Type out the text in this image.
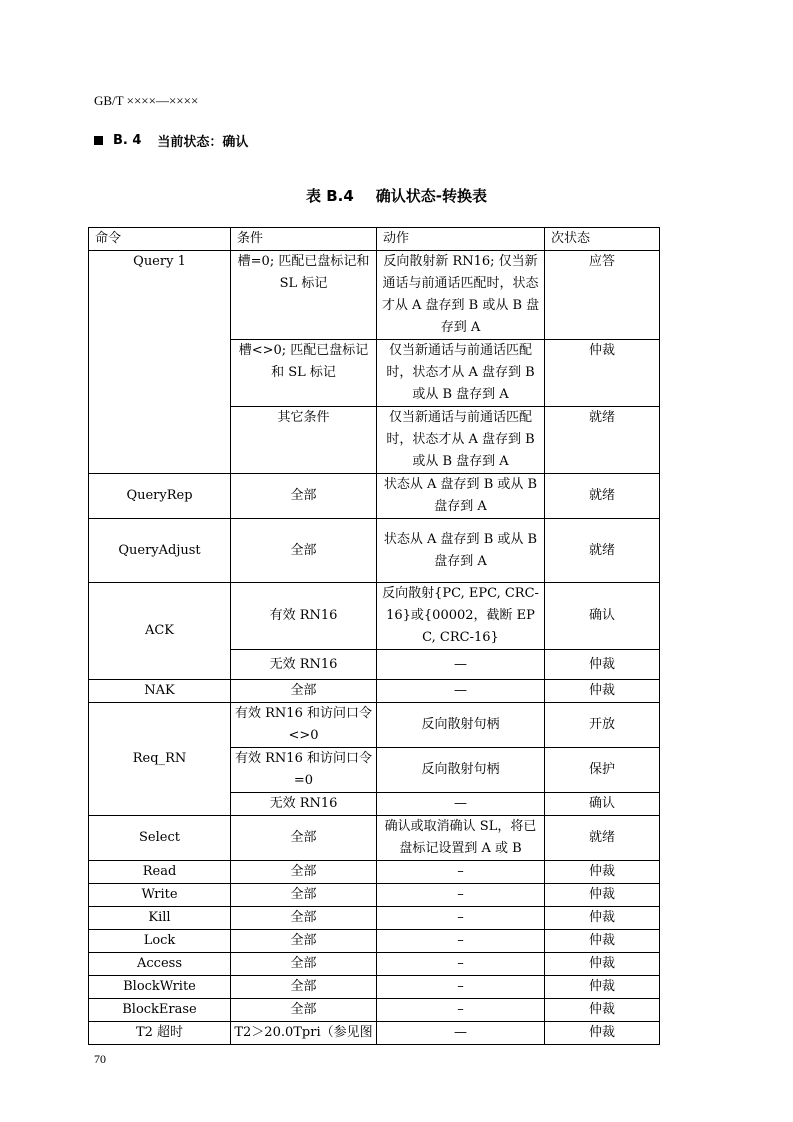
GB/T ××××—××××
B. 4 当前状态：确认
表 B.4 确认状态-转换表
命令	条件	动作	次状态
Query 1	槽=0; 匹配已盘标记和 SL 标记	反向散射新 RN16; 仅当新通话与前通话匹配时，状态才从 A 盘存到 B 或从 B 盘存到 A	应答
	槽<>0; 匹配已盘标记和 SL 标记	仅当新通话与前通话匹配时，状态才从 A 盘存到 B 或从 B 盘存到 A	仲裁
	其它条件	仅当新通话与前通话匹配时，状态才从 A 盘存到 B 或从 B 盘存到 A	就绪
QueryRep	全部	状态从 A 盘存到 B 或从 B 盘存到 A	就绪
QueryAdjust	全部	状态从 A 盘存到 B 或从 B 盘存到 A	就绪
ACK	有效 RN16	反向散射{PC, EPC, CRC-16}或{00002，截断 EPC, CRC-16}	确认
	无效 RN16	—	仲裁
NAK	全部	—	仲裁
Req_RN	有效 RN16 和访问口令<>0	反向散射句柄	开放
	有效 RN16 和访问口令=0	反向散射句柄	保护
	无效 RN16	—	确认
Select	全部	确认或取消确认 SL，将已盘标记设置到 A 或 B	就绪
Read	全部	–	仲裁
Write	全部	–	仲裁
Kill	全部	–	仲裁
Lock	全部	–	仲裁
Access	全部	–	仲裁
BlockWrite	全部	–	仲裁
BlockErase	全部	–	仲裁
T2 超时	T2＞20.0Tpri（参见图	—	仲裁
70
